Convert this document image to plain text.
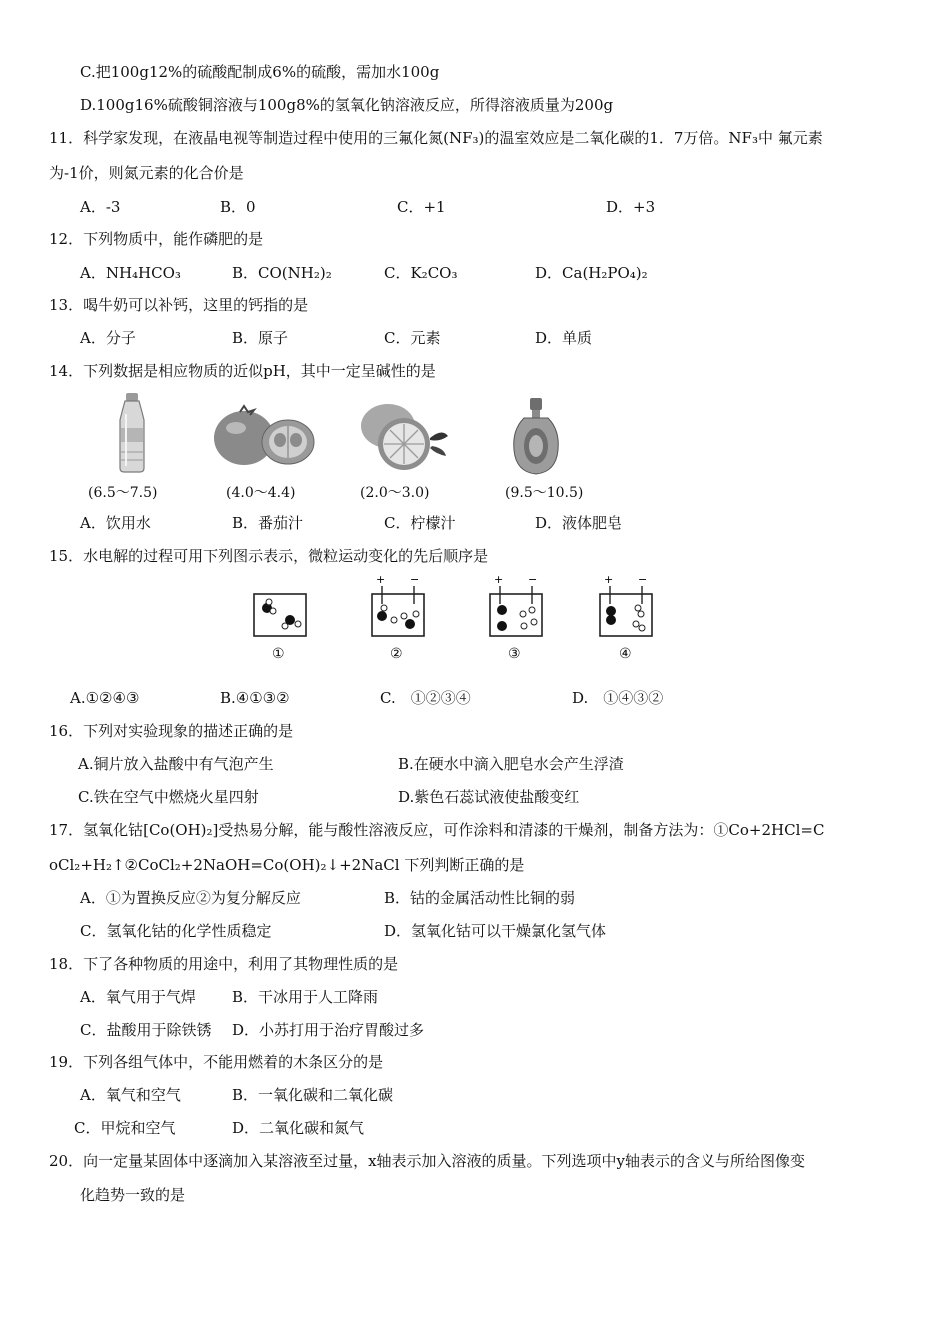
C.把100g12%的硫酸配制成6%的硫酸，需加水100g
D.100g16%硫酸铜溶液与100g8%的氢氧化钠溶液反应，所得溶液质量为200g
11．科学家发现，在液晶电视等制造过程中使用的三氟化氮(NF₃)的温室效应是二氧化碳的1．7万倍。NF₃中 氟元素
为-1价，则氮元素的化合价是
A．-3	B．0	C．+1	D．+3
12．下列物质中，能作磷肥的是
A．NH₄HCO₃	B．CO(NH₂)₂	C．K₂CO₃	D．Ca(H₂PO₄)₂
13．喝牛奶可以补钙，这里的钙指的是
A．分子	B．原子	C．元素	D．单质
14．下列数据是相应物质的近似pH，其中一定呈碱性的是
(6.5～7.5)	(4.0～4.4)	(2.0～3.0)	(9.5～10.5)
A．饮用水	B．番茄汁	C．柠檬汁	D．液体肥皂
15．水电解的过程可用下列图示表示，微粒运动变化的先后顺序是
+ −	+ −	+ −
①	②	③	④
A.①②④③	B.④①③②	C.　①②③④	D.　①④③②
16．下列对实验现象的描述正确的是
A.铜片放入盐酸中有气泡产生	B.在硬水中滴入肥皂水会产生浮渣
C.铁在空气中燃烧火星四射	D.紫色石蕊试液使盐酸变红
17．氢氧化钴[Co(OH)₂]受热易分解，能与酸性溶液反应，可作涂料和清漆的干燥剂，制备方法为：①Co+2HCl=C
oCl₂+H₂↑②CoCl₂+2NaOH=Co(OH)₂↓+2NaCl 下列判断正确的是
A．①为置换反应②为复分解反应	B．钴的金属活动性比铜的弱
C．氢氧化钴的化学性质稳定	D．氢氧化钴可以干燥氯化氢气体
18．下了各种物质的用途中，利用了其物理性质的是
A．氧气用于气焊 B．干冰用于人工降雨
C．盐酸用于除铁锈 D．小苏打用于治疗胃酸过多
19．下列各组气体中，不能用燃着的木条区分的是
A．氧气和空气	B．一氧化碳和二氧化碳
C．甲烷和空气	D．二氧化碳和氮气
20．向一定量某固体中逐滴加入某溶液至过量，x轴表示加入溶液的质量。下列选项中y轴表示的含义与所给图像变
化趋势一致的是
